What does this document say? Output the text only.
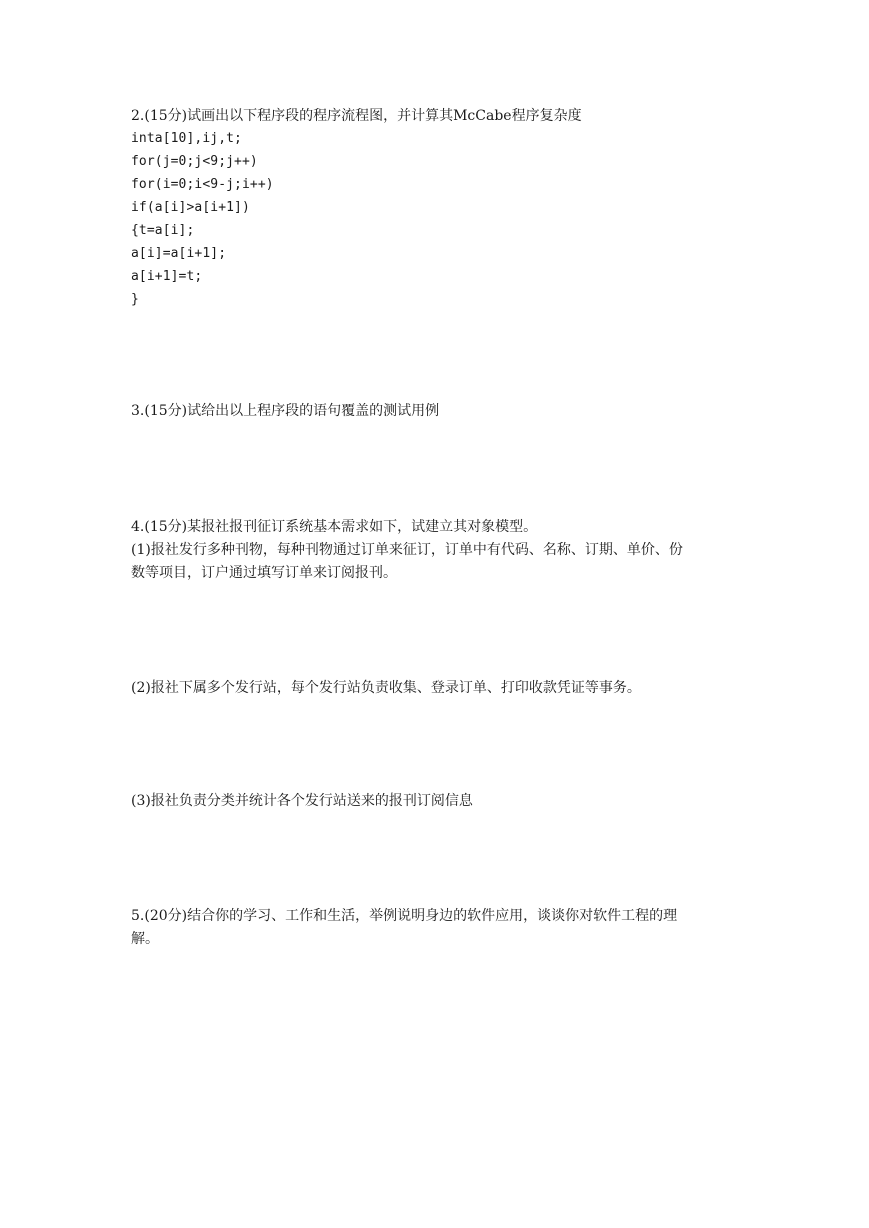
2.(15分)试画出以下程序段的程序流程图，并计算其McCabe程序复杂度
inta[10],ij,t;
for(j=0;j<9;j++)
for(i=0;i<9-j;i++)
if(a[i]>a[i+1])
{t=a[i];
a[i]=a[i+1];
a[i+1]=t;
}
3.(15分)试给出以上程序段的语句覆盖的测试用例
4.(15分)某报社报刊征订系统基本需求如下，试建立其对象模型。
(1)报社发行多种刊物，每种刊物通过订单来征订，订单中有代码、名称、订期、单价、份
数等项目，订户通过填写订单来订阅报刊。
(2)报社下属多个发行站，每个发行站负责收集、登录订单、打印收款凭证等事务。
(3)报社负责分类并统计各个发行站送来的报刊订阅信息
5.(20分)结合你的学习、工作和生活，举例说明身边的软件应用，谈谈你对软件工程的理
解。
